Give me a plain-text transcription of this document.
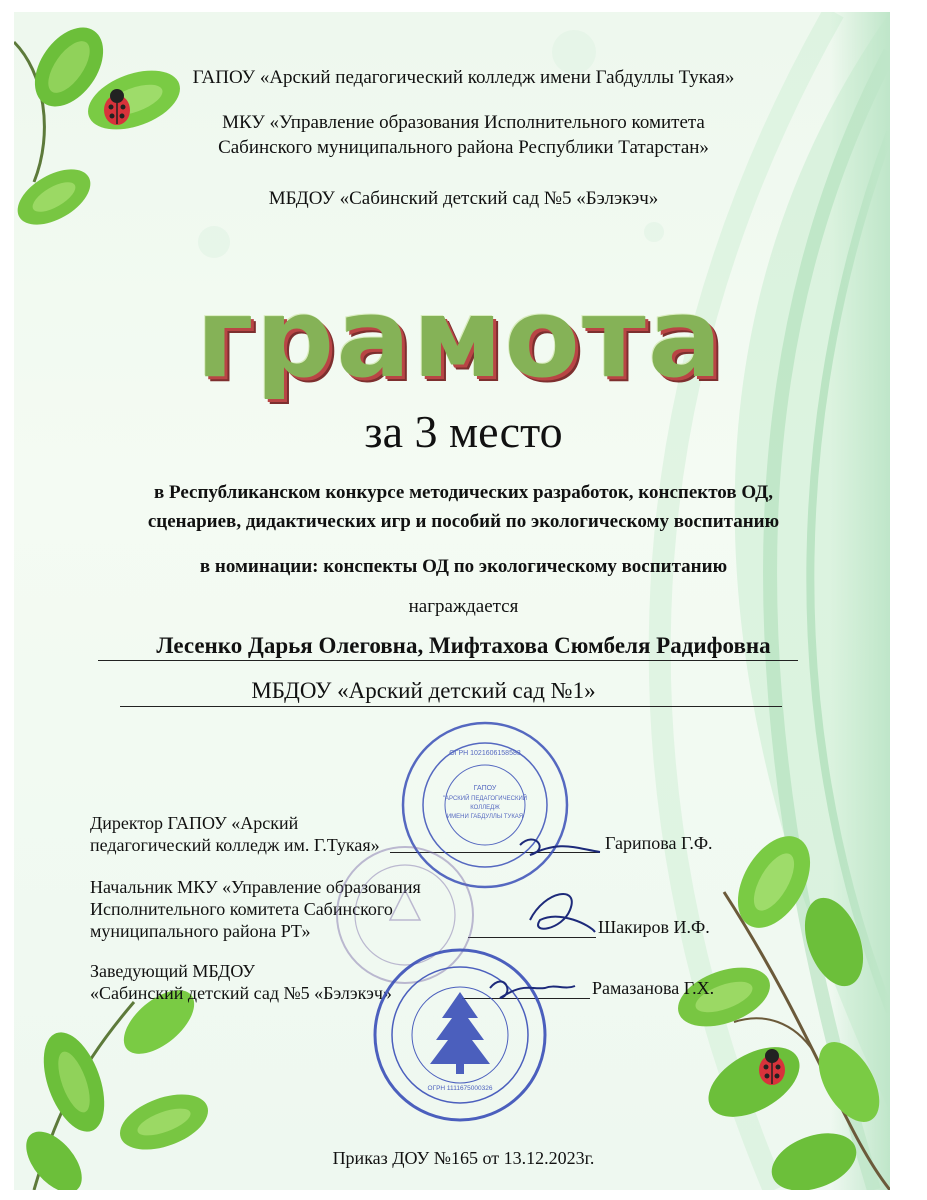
ГАПОУ «Арский педагогический колледж имени Габдуллы Тукая»
МКУ «Управление образования Исполнительного комитета
Сабинского муниципального района Республики Татарстан»
МБДОУ «Сабинский детский сад №5 «Бэлэкэч»
грамота
за 3 место
в Республиканском конкурсе методических разработок, конспектов ОД,
сценариев, дидактических игр и пособий по экологическому воспитанию
в номинации: конспекты ОД по экологическому воспитанию
награждается
Лесенко Дарья Олеговна, Мифтахова Сюмбеля Радифовна
МБДОУ «Арский детский сад №1»
Директор ГАПОУ «Арский
педагогический колледж им. Г.Тукая»	Гарипова Г.Ф.
Начальник МКУ «Управление образования
Исполнительного комитета Сабинского
муниципального района РТ»	Шакиров И.Ф.
Заведующий МБДОУ
«Сабинский детский сад №5 «Бэлэкэч»	Рамазанова Г.Х.
ГАПОУ
"АРСКИЙ ПЕДАГОГИЧЕСКИЙ
КОЛЛЕДЖ
ИМЕНИ ГАБДУЛЛЫ ТУКАЯ
ОГРН 1021606158583
ОГРН 1111675000326
Приказ ДОУ №165 от 13.12.2023г.
